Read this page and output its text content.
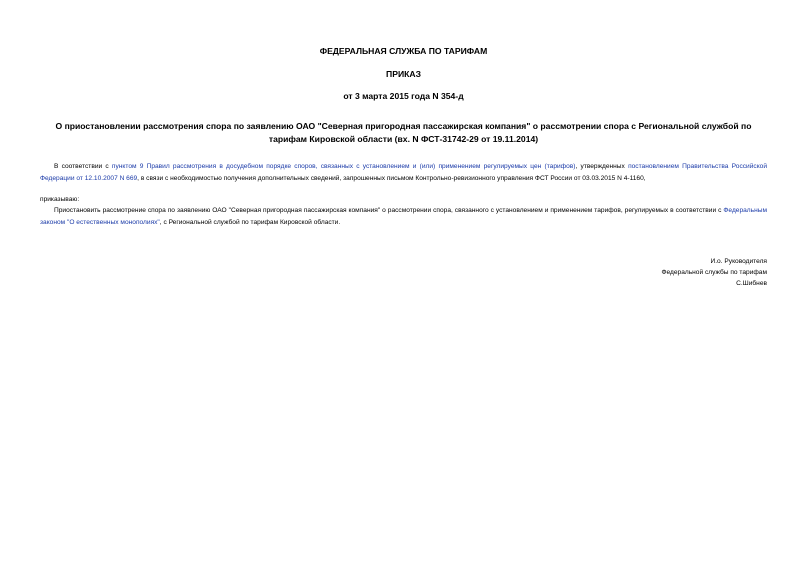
ФЕДЕРАЛЬНАЯ СЛУЖБА ПО ТАРИФАМ
ПРИКАЗ
от 3 марта 2015 года N 354-д
О приостановлении рассмотрения спора по заявлению ОАО "Северная пригородная пассажирская компания" о рассмотрении спора с Региональной службой по тарифам Кировской области (вх. N ФСТ-31742-29 от 19.11.2014)
В соответствии с пунктом 9 Правил рассмотрения в досудебном порядке споров, связанных с установлением и (или) применением регулируемых цен (тарифов), утвержденных постановлением Правительства Российской Федерации от 12.10.2007 N 669, в связи с необходимостью получения дополнительных сведений, запрошенных письмом Контрольно-ревизионного управления ФСТ России от 03.03.2015 N 4-1160,
приказываю:
Приостановить рассмотрение спора по заявлению ОАО "Северная пригородная пассажирская компания" о рассмотрении спора, связанного с установлением и применением тарифов, регулируемых в соответствии с Федеральным законом "О естественных монополиях", с Региональной службой по тарифам Кировской области.
И.о. Руководителя
Федеральной службы по тарифам
С.Шибнев
